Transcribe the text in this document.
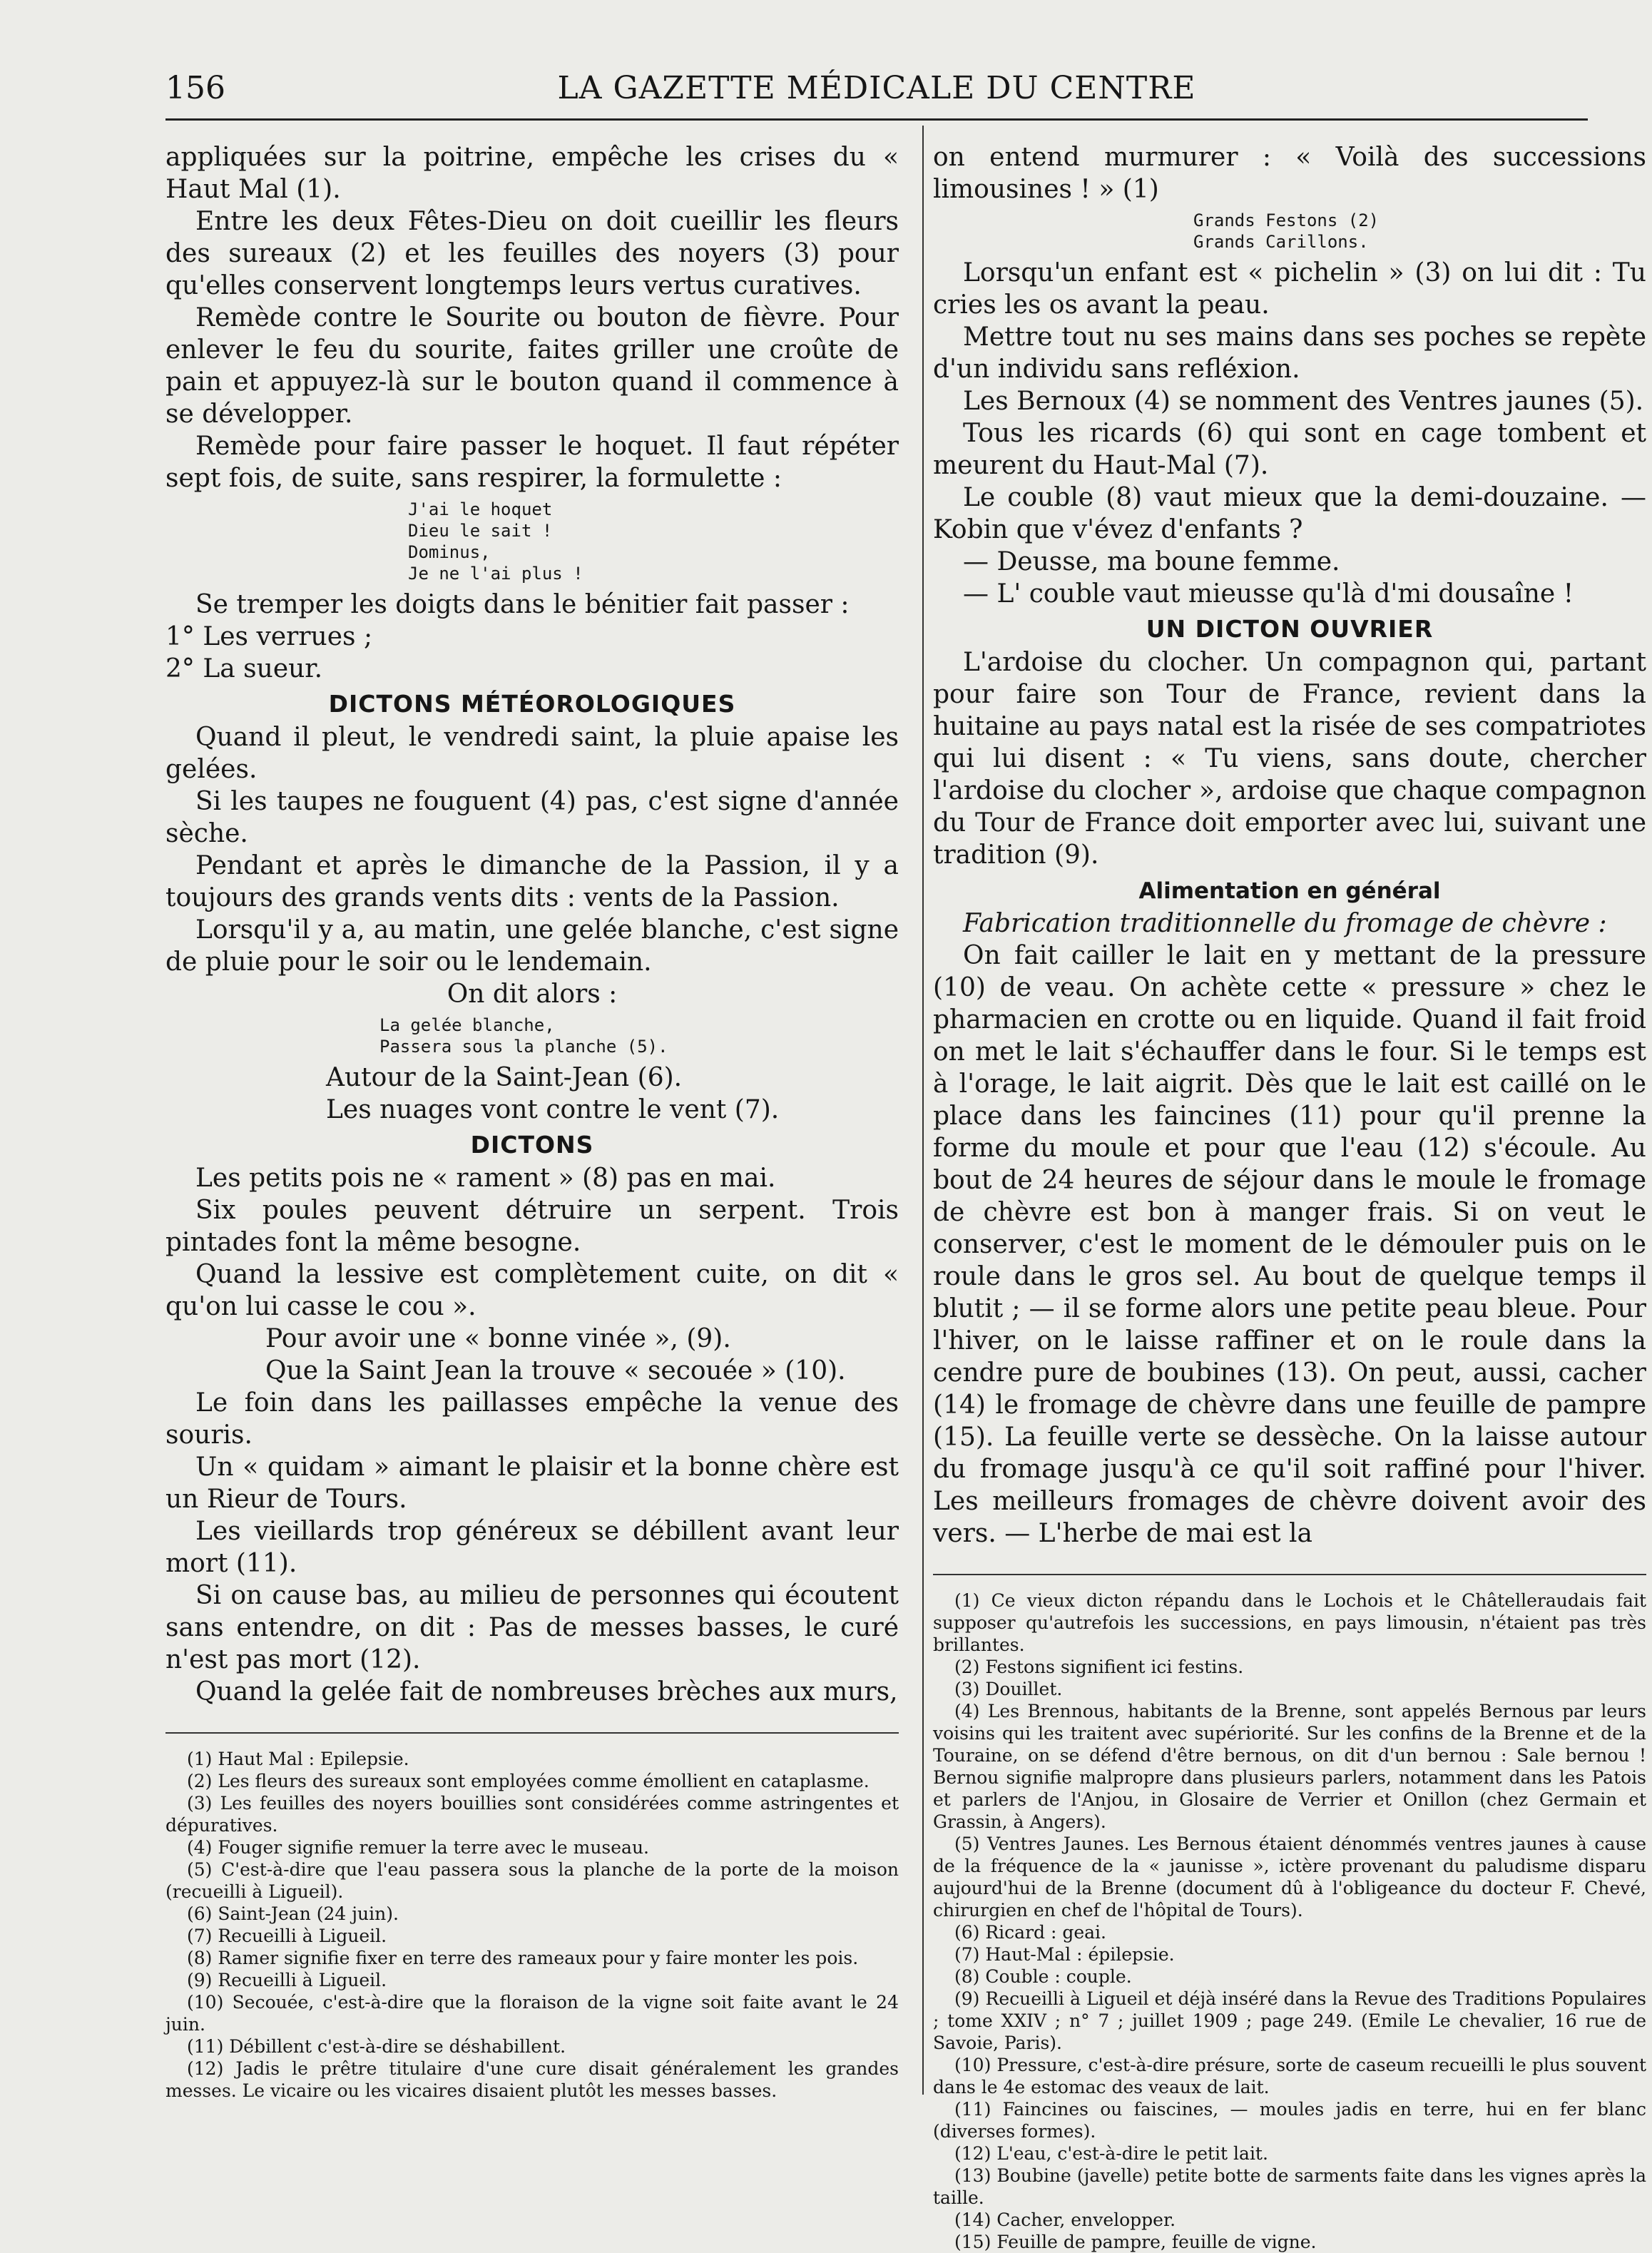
156	LA GAZETTE MÉDICALE DU CENTRE

appliquées sur la poitrine, empêche les crises du « Haut Mal (1).

Entre les deux Fêtes-Dieu on doit cueillir les fleurs des sureaux (2) et les feuilles des noyers (3) pour qu'elles conservent longtemps leurs vertus curatives.

Remède contre le Sourite ou bouton de fièvre. Pour enlever le feu du sourite, faites griller une croûte de pain et appuyez-là sur le bouton quand il commence à se développer.

Remède pour faire passer le hoquet. Il faut répéter sept fois, de suite, sans respirer, la formulette :

J'ai le hoquet
Dieu le sait !
Dominus,
Je ne l'ai plus !

Se tremper les doigts dans le bénitier fait passer :

1° Les verrues ;

2° La sueur.

DICTONS MÉTÉOROLOGIQUES

Quand il pleut, le vendredi saint, la pluie apaise les gelées.

Si les taupes ne fouguent (4) pas, c'est signe d'année sèche.

Pendant et après le dimanche de la Passion, il y a toujours des grands vents dits : vents de la Passion.

Lorsqu'il y a, au matin, une gelée blanche, c'est signe de pluie pour le soir ou le lendemain.

On dit alors :

La gelée blanche,
Passera sous la planche (5).

Autour de la Saint-Jean (6).

Les nuages vont contre le vent (7).

DICTONS

Les petits pois ne « rament » (8) pas en mai.

Six poules peuvent détruire un serpent. Trois pintades font la même besogne.

Quand la lessive est complètement cuite, on dit « qu'on lui casse le cou ».

Pour avoir une « bonne vinée », (9).

Que la Saint Jean la trouve « secouée » (10).

Le foin dans les paillasses empêche la venue des souris.

Un « quidam » aimant le plaisir et la bonne chère est un Rieur de Tours.

Les vieillards trop généreux se débillent avant leur mort (11).

Si on cause bas, au milieu de personnes qui écoutent sans entendre, on dit : Pas de messes basses, le curé n'est pas mort (12).

Quand la gelée fait de nombreuses brèches aux murs,

(1) Haut Mal : Epilepsie.

(2) Les fleurs des sureaux sont employées comme émollient en cataplasme.

(3) Les feuilles des noyers bouillies sont considérées comme astringentes et dépuratives.

(4) Fouger signifie remuer la terre avec le museau.

(5) C'est-à-dire que l'eau passera sous la planche de la porte de la moison (recueilli à Ligueil).

(6) Saint-Jean (24 juin).

(7) Recueilli à Ligueil.

(8) Ramer signifie fixer en terre des rameaux pour y faire monter les pois.

(9) Recueilli à Ligueil.

(10) Secouée, c'est-à-dire que la floraison de la vigne soit faite avant le 24 juin.

(11) Débillent c'est-à-dire se déshabillent.

(12) Jadis le prêtre titulaire d'une cure disait généralement les grandes messes. Le vicaire ou les vicaires disaient plutôt les messes basses.

on entend murmurer : « Voilà des successions limousines ! » (1)

Grands Festons (2)
Grands Carillons.

Lorsqu'un enfant est « pichelin » (3) on lui dit : Tu cries les os avant la peau.

Mettre tout nu ses mains dans ses poches se repète d'un individu sans refléxion.

Les Bernoux (4) se nomment des Ventres jaunes (5).

Tous les ricards (6) qui sont en cage tombent et meurent du Haut-Mal (7).

Le couble (8) vaut mieux que la demi-douzaine. — Kobin que v'évez d'enfants ?

— Deusse, ma boune femme.

— L' couble vaut mieusse qu'là d'mi dousaîne !

UN DICTON OUVRIER

L'ardoise du clocher. Un compagnon qui, partant pour faire son Tour de France, revient dans la huitaine au pays natal est la risée de ses compatriotes qui lui disent : « Tu viens, sans doute, chercher l'ardoise du clocher », ardoise que chaque compagnon du Tour de France doit emporter avec lui, suivant une tradition (9).

Alimentation en général

Fabrication traditionnelle du fromage de chèvre :

On fait cailler le lait en y mettant de la pressure (10) de veau. On achète cette « pressure » chez le pharmacien en crotte ou en liquide. Quand il fait froid on met le lait s'échauffer dans le four. Si le temps est à l'orage, le lait aigrit. Dès que le lait est caillé on le place dans les faincines (11) pour qu'il prenne la forme du moule et pour que l'eau (12) s'écoule. Au bout de 24 heures de séjour dans le moule le fromage de chèvre est bon à manger frais. Si on veut le conserver, c'est le moment de le démouler puis on le roule dans le gros sel. Au bout de quelque temps il blutit ; — il se forme alors une petite peau bleue. Pour l'hiver, on le laisse raffiner et on le roule dans la cendre pure de boubines (13). On peut, aussi, cacher (14) le fromage de chèvre dans une feuille de pampre (15). La feuille verte se dessèche. On la laisse autour du fromage jusqu'à ce qu'il soit raffiné pour l'hiver. Les meilleurs fromages de chèvre doivent avoir des vers. — L'herbe de mai est la

(1) Ce vieux dicton répandu dans le Lochois et le Châtelleraudais fait supposer qu'autrefois les successions, en pays limousin, n'étaient pas très brillantes.

(2) Festons signifient ici festins.

(3) Douillet.

(4) Les Brennous, habitants de la Brenne, sont appelés Bernous par leurs voisins qui les traitent avec supériorité. Sur les confins de la Brenne et de la Touraine, on se défend d'être bernous, on dit d'un bernou : Sale bernou ! Bernou signifie malpropre dans plusieurs parlers, notamment dans les Patois et parlers de l'Anjou, in Glosaire de Verrier et Onillon (chez Germain et Grassin, à Angers).

(5) Ventres Jaunes. Les Bernous étaient dénommés ventres jaunes à cause de la fréquence de la « jaunisse », ictère provenant du paludisme disparu aujourd'hui de la Brenne (document dû à l'obligeance du docteur F. Chevé, chirurgien en chef de l'hôpital de Tours).

(6) Ricard : geai.

(7) Haut-Mal : épilepsie.

(8) Couble : couple.

(9) Recueilli à Ligueil et déjà inséré dans la Revue des Traditions Populaires ; tome XXIV ; n° 7 ; juillet 1909 ; page 249. (Emile Le chevalier, 16 rue de Savoie, Paris).

(10) Pressure, c'est-à-dire présure, sorte de caseum recueilli le plus souvent dans le 4e estomac des veaux de lait.

(11) Faincines ou faiscines, — moules jadis en terre, hui en fer blanc (diverses formes).

(12) L'eau, c'est-à-dire le petit lait.

(13) Boubine (javelle) petite botte de sarments faite dans les vignes après la taille.

(14) Cacher, envelopper.

(15) Feuille de pampre, feuille de vigne.
